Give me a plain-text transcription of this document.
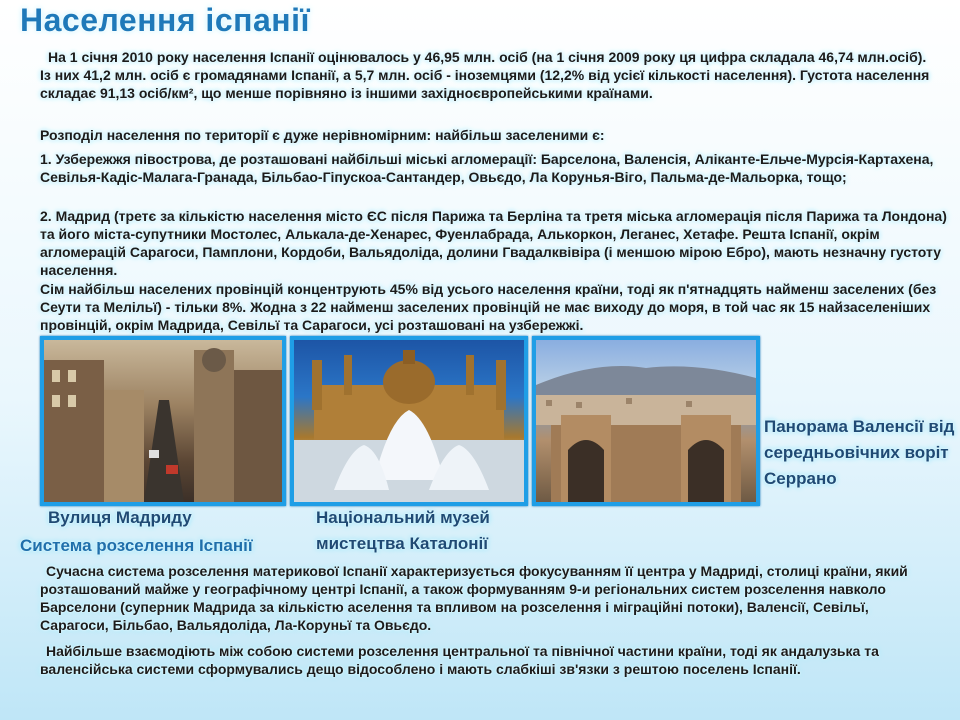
Населення іспанії

На 1 січня 2010 року населення Іспанії оцінювалось у 46,95 млн. осіб (на 1 січня 2009 року ця цифра складала 46,74 млн.осіб). Із них 41,2 млн. осіб є громадянами Іспанії, а 5,7 млн. осіб - іноземцями (12,2% від усієї кількості населення). Густота населення складає 91,13 осіб/км², що менше порівняно із іншими західноєвропейськими країнами.

Розподіл населення по території є дуже нерівномірним: найбільш заселеними є:

1. Узбережжя півострова, де розташовані найбільші міські агломерації: Барселона, Валенсія, Аліканте-Ельче-Мурсія-Картахена, Севілья-Кадіс-Малага-Гранада, Більбао-Гіпускоа-Сантандер, Овьєдо, Ла Корунья-Віго, Пальма-де-Мальорка, тощо;

2. Мадрид (третє за кількістю населення місто ЄС після Парижа та Берліна та третя міська агломерація після Парижа та Лондона) та його міста-супутники Мостолес, Алькала-де-Хенарес, Фуенлабрада, Алькоркон, Леганес, Хетафе. Решта Іспанії, окрім агломерацій Сарагоси, Памплони, Кордоби, Вальядоліда, долини Гвадалквівіра (і меншою мірою Ебро), мають незначну густоту населення.

Сім найбільш населених провінцій концентрують 45% від усього населення країни, тоді як п'ятнадцять найменш заселених (без Сеути та Мелільї) - тільки 8%. Жодна з 22 найменш заселених провінцій не має виходу до моря, в той час як 15 найзаселеніших провінцій, окрім Мадрида, Севільї та Сарагоси, усі розташовані на узбережжі.

Вулиця Мадриду	Національний музей мистецтва Каталонії

Панорама Валенсії від середньовічних воріт Серрано

Система розселення Іспанії

Сучасна система розселення материкової Іспанії характеризується фокусуванням її центра у Мадриді, столиці країни, який розташований майже у географічному центрі Іспанії, а також формуванням 9-и регіональних систем розселення навколо Барселони (суперник Мадрида за кількістю аселення та впливом на розселення і міграційні потоки), Валенсії, Севільї, Сарагоси, Більбао, Вальядоліда, Ла-Коруньї та Овьєдо.

Найбільше взаємодіють між собою системи розселення центральної та північної частини країни, тоді як андалузька та валенсійська системи сформувались дещо відособлено і мають слабкіші зв'язки з рештою поселень Іспанії.
